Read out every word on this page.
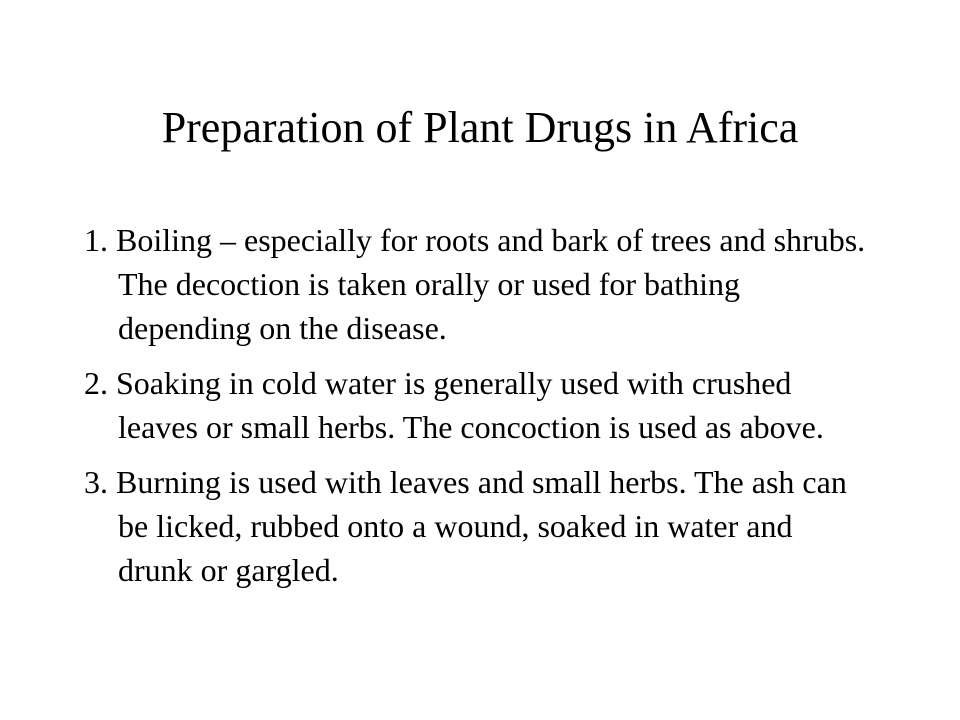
Preparation of Plant Drugs in Africa
1. Boiling – especially for roots and bark of trees and shrubs. The decoction is taken orally or used for bathing depending on the disease.
2. Soaking in cold water is generally used with crushed leaves or small herbs. The concoction is used as above.
3. Burning is used with leaves and small herbs. The ash can be licked, rubbed onto a wound, soaked in water and drunk or gargled.
